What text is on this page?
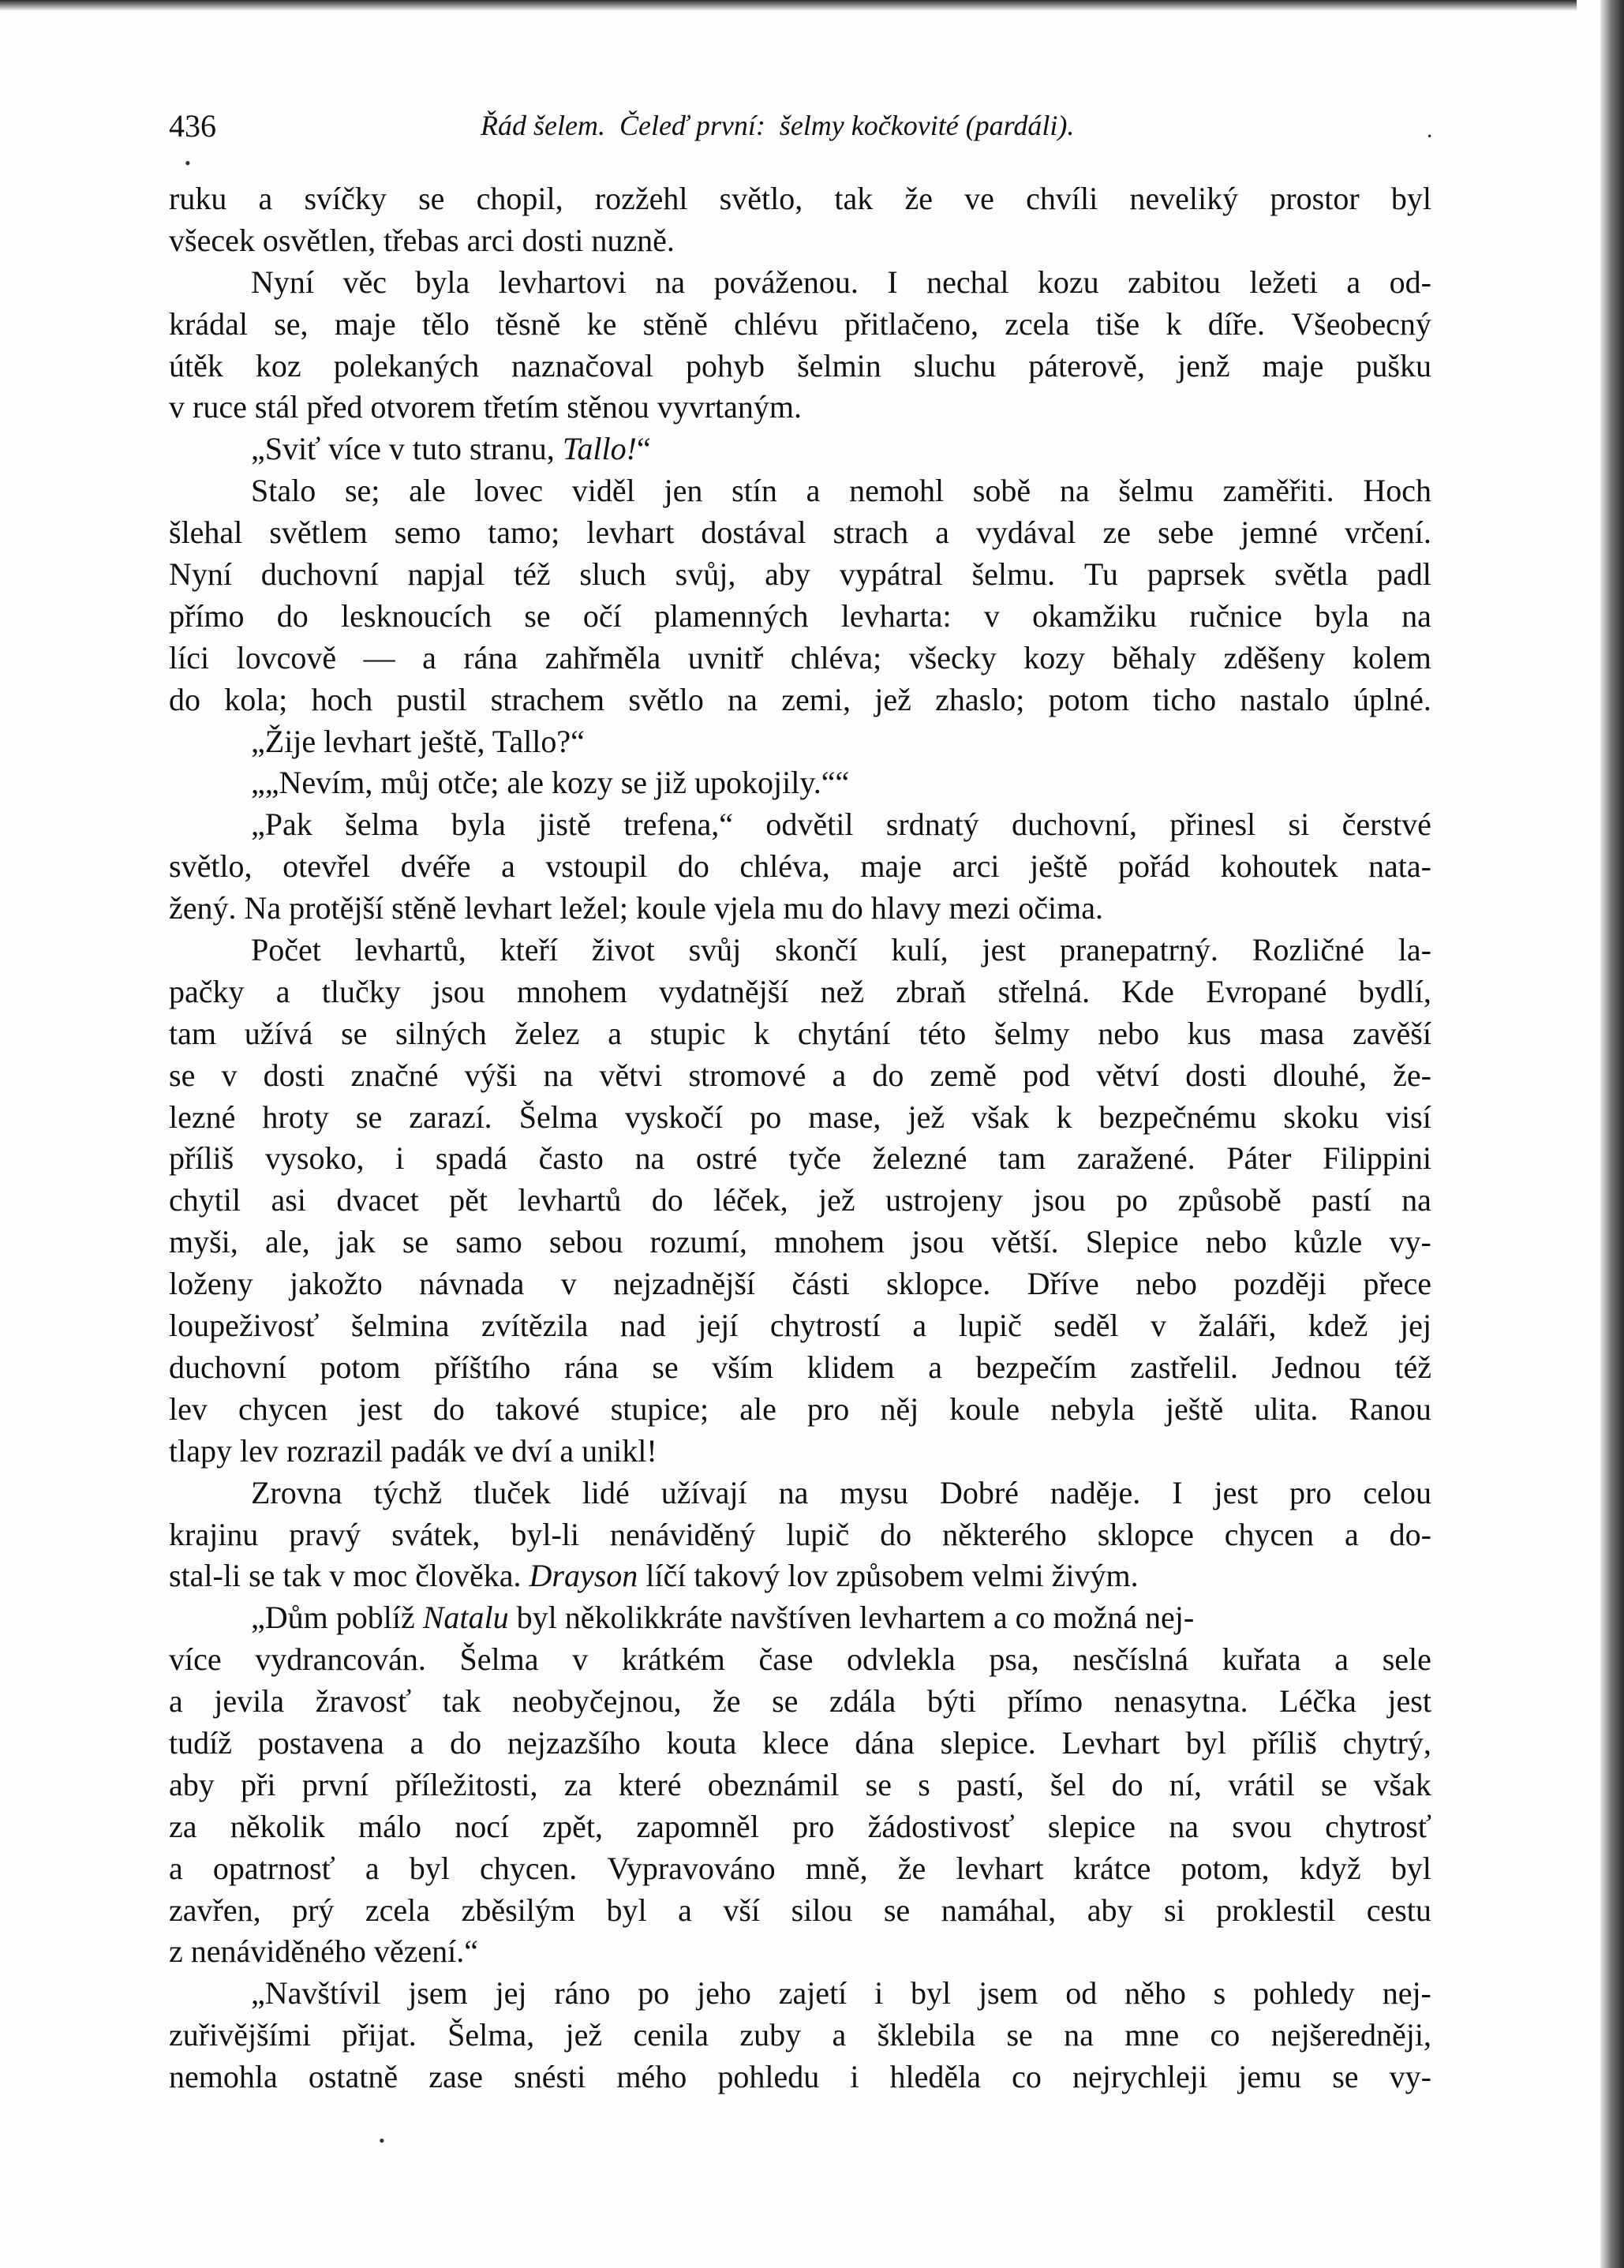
436	Řád šelem.  Čeleď první:  šelmy kočkovité (pardáli).	·
ruku a svíčky se chopil, rozžehl světlo, tak že ve chvíli neveliký prostor byl
všecek osvětlen, třebas arci dosti nuzně.
Nyní věc byla levhartovi na pováženou. I nechal kozu zabitou ležeti a od-
krádal se, maje tělo těsně ke stěně chlévu přitlačeno, zcela tiše k díře. Všeobecný
útěk koz polekaných naznačoval pohyb šelmin sluchu páterově, jenž maje pušku
v ruce stál před otvorem třetím stěnou vyvrtaným.
„Sviť více v tuto stranu, Tallo! “
Stalo se; ale lovec viděl jen stín a nemohl sobě na šelmu zaměřiti. Hoch
šlehal světlem semo tamo; levhart dostával strach a vydával ze sebe jemné vrčení.
Nyní duchovní napjal též sluch svůj, aby vypátral šelmu. Tu paprsek světla padl
přímo do lesknoucích se očí plamenných levharta: v okamžiku ručnice byla na
líci lovcově — a rána zahřměla uvnitř chléva; všecky kozy běhaly zděšeny kolem
do kola; hoch pustil strachem světlo na zemi, jež zhaslo; potom ticho nastalo úplné.
„Žije levhart ještě, Tallo?“
„„Nevím, můj otče; ale kozy se již upokojily.““
„Pak šelma byla jistě trefena,“ odvětil srdnatý duchovní, přinesl si čerstvé
světlo, otevřel dvéře a vstoupil do chléva, maje arci ještě pořád kohoutek nata-
žený. Na protější stěně levhart ležel; koule vjela mu do hlavy mezi očima.
Počet levhartů, kteří život svůj skončí kulí, jest pranepatrný. Rozličné la-
pačky a tlučky jsou mnohem vydatnější než zbraň střelná. Kde Evropané bydlí,
tam užívá se silných želez a stupic k chytání této šelmy nebo kus masa zavěší
se v dosti značné výši na větvi stromové a do země pod větví dosti dlouhé, že-
lezné hroty se zarazí. Šelma vyskočí po mase, jež však k bezpečnému skoku visí
příliš vysoko, i spadá často na ostré tyče železné tam zaražené. Páter Filippini
chytil asi dvacet pět levhartů do léček, jež ustrojeny jsou po způsobě pastí na
myši, ale, jak se samo sebou rozumí, mnohem jsou větší. Slepice nebo kůzle vy-
loženy jakožto návnada v nejzadnější části sklopce. Dříve nebo později přece
loupeživosť šelmina zvítězila nad její chytrostí a lupič seděl v žaláři, kdež jej
duchovní potom příštího rána se vším klidem a bezpečím zastřelil. Jednou též
lev chycen jest do takové stupice; ale pro něj koule nebyla ještě ulita. Ranou
tlapy lev rozrazil padák ve dví a unikl!
Zrovna týchž tluček lidé užívají na mysu Dobré naděje. I jest pro celou
krajinu pravý svátek, byl-li nenáviděný lupič do některého sklopce chycen a do-
stal-li se tak v moc člověka. Drayson líčí takový lov způsobem velmi živým.
„Dům poblíž Natalu byl několikkráte navštíven levhartem a co možná nej-
více vydrancován. Šelma v krátkém čase odvlekla psa, nesčíslná kuřata a sele
a jevila žravosť tak neobyčejnou, že se zdála býti přímo nenasytna. Léčka jest
tudíž postavena a do nejzazšího kouta klece dána slepice. Levhart byl příliš chytrý,
aby při první příležitosti, za které obeznámil se s pastí, šel do ní, vrátil se však
za několik málo nocí zpět, zapomněl pro žádostivosť slepice na svou chytrosť
a opatrnosť a byl chycen. Vypravováno mně, že levhart krátce potom, když byl
zavřen, prý zcela zběsilým byl a vší silou se namáhal, aby si proklestil cestu
z nenáviděného vězení.“
„Navštívil jsem jej ráno po jeho zajetí i byl jsem od něho s pohledy nej-
zuřivějšími přijat. Šelma, jež cenila zuby a šklebila se na mne co nejšeredněji,
nemohla ostatně zase snésti mého pohledu i hleděla co nejrychleji jemu se vy-
•
•
